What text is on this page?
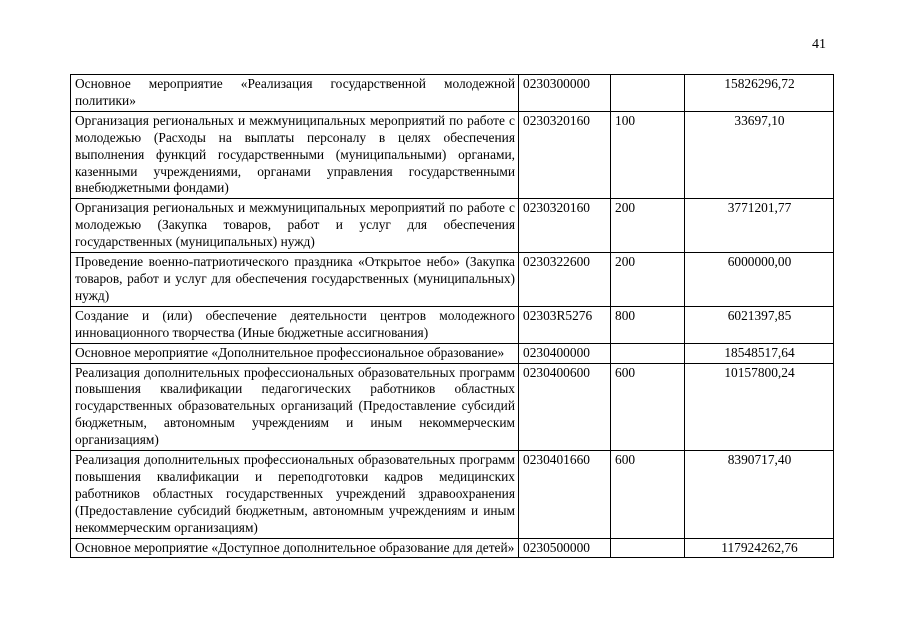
41
Основное мероприятие «Реализация государственной молодежной политики»	0230300000		15826296,72
Организация региональных и межмуниципальных мероприятий по работе с молодежью (Расходы на выплаты персоналу в целях обеспечения выполнения функций государственными (муниципальными) органами, казенными учреждениями, органами управления государственными внебюджетными фондами)	0230320160	100	33697,10
Организация региональных и межмуниципальных мероприятий по работе с молодежью (Закупка товаров, работ и услуг для обеспечения государственных (муниципальных) нужд)	0230320160	200	3771201,77
Проведение военно-патриотического праздника «Открытое небо» (Закупка товаров, работ и услуг для обеспечения государственных (муниципальных) нужд)	0230322600	200	6000000,00
Создание и (или) обеспечение деятельности центров молодежного инновационного творчества (Иные бюджетные ассигнования)	02303R5276	800	6021397,85
Основное мероприятие «Дополнительное профессиональное образование»	0230400000		18548517,64
Реализация дополнительных профессиональных образовательных программ повышения квалификации педагогических работников областных государственных образовательных организаций (Предоставление субсидий бюджетным, автономным учреждениям и иным некоммерческим организациям)	0230400600	600	10157800,24
Реализация дополнительных профессиональных образовательных программ повышения квалификации и переподготовки кадров медицинских работников областных государственных учреждений здравоохранения (Предоставление субсидий бюджетным, автономным учреждениям и иным некоммерческим организациям)	0230401660	600	8390717,40
Основное мероприятие «Доступное дополнительное образование для детей»	0230500000		117924262,76
